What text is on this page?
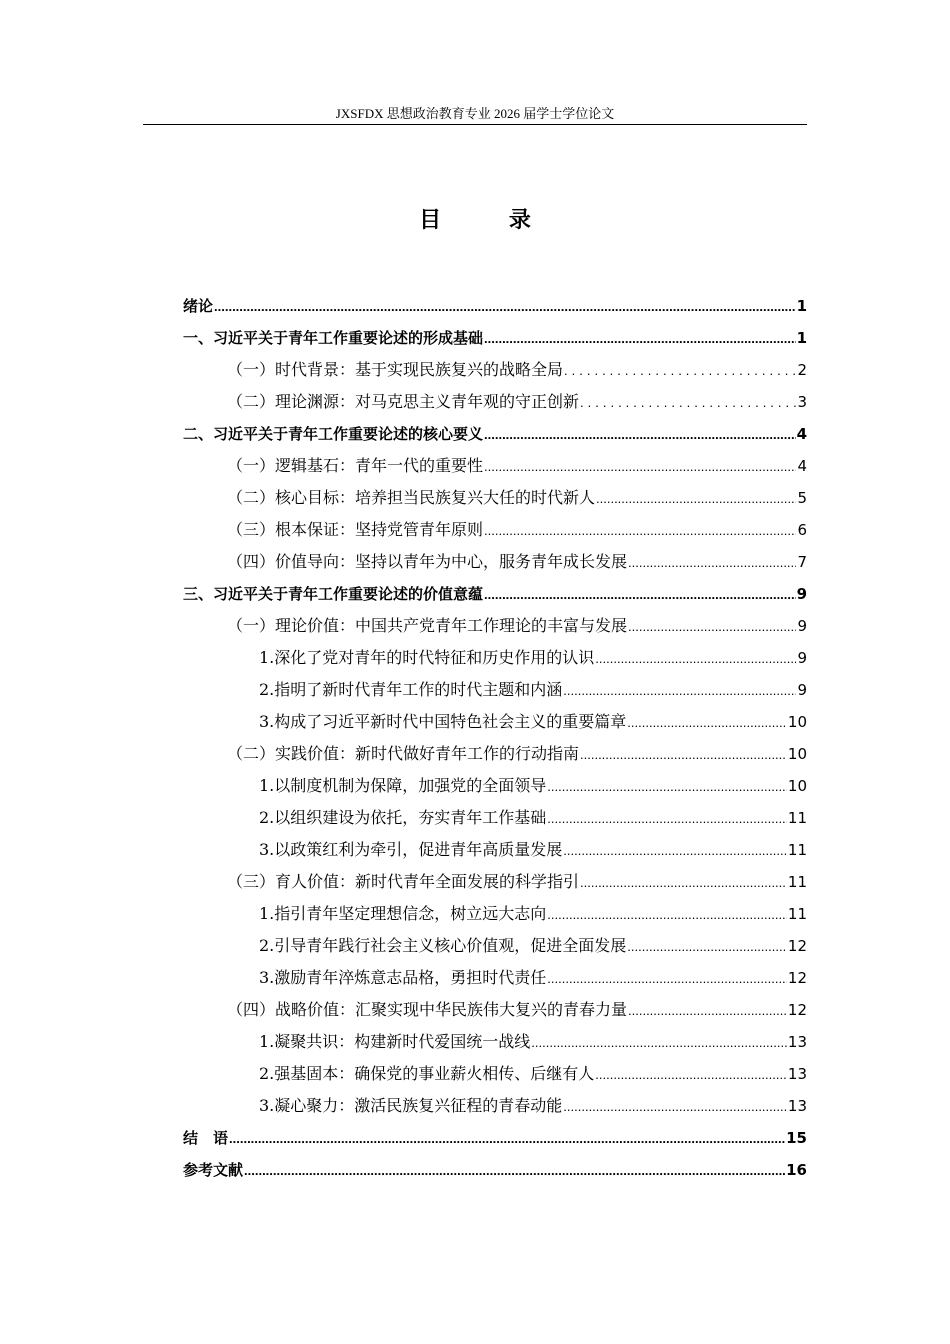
JXSFDX 思想政治教育专业 2026 届学士学位论文
目 录
绪论 .....	1
一、习近平关于青年工作重要论述的形成基础 .....	1
（一）时代背景：基于实现民族复兴的战略全局 .....	2
（二）理论渊源：对马克思主义青年观的守正创新 .....	3
二、习近平关于青年工作重要论述的核心要义 .....	4
（一）逻辑基石：青年一代的重要性 .....	4
（二）核心目标：培养担当民族复兴大任的时代新人 .....	5
（三）根本保证：坚持党管青年原则 .....	6
（四）价值导向：坚持以青年为中心，服务青年成长发展 .....	7
三、习近平关于青年工作重要论述的价值意蕴 .....	9
（一）理论价值：中国共产党青年工作理论的丰富与发展 .....	9
1.深化了党对青年的时代特征和历史作用的认识 .....	9
2.指明了新时代青年工作的时代主题和内涵 .....	9
3.构成了习近平新时代中国特色社会主义的重要篇章 .....	10
（二）实践价值：新时代做好青年工作的行动指南 .....	10
1.以制度机制为保障，加强党的全面领导 .....	10
2.以组织建设为依托，夯实青年工作基础 .....	11
3.以政策红利为牵引，促进青年高质量发展 .....	11
（三）育人价值：新时代青年全面发展的科学指引 .....	11
1.指引青年坚定理想信念，树立远大志向 .....	11
2.引导青年践行社会主义核心价值观，促进全面发展 .....	12
3.激励青年淬炼意志品格，勇担时代责任 .....	12
（四）战略价值：汇聚实现中华民族伟大复兴的青春力量 .....	12
1.凝聚共识：构建新时代爱国统一战线 .....	13
2.强基固本：确保党的事业薪火相传、后继有人 .....	13
3.凝心聚力：激活民族复兴征程的青春动能 .....	13
结　语 .....	15
参考文献 .....	16
